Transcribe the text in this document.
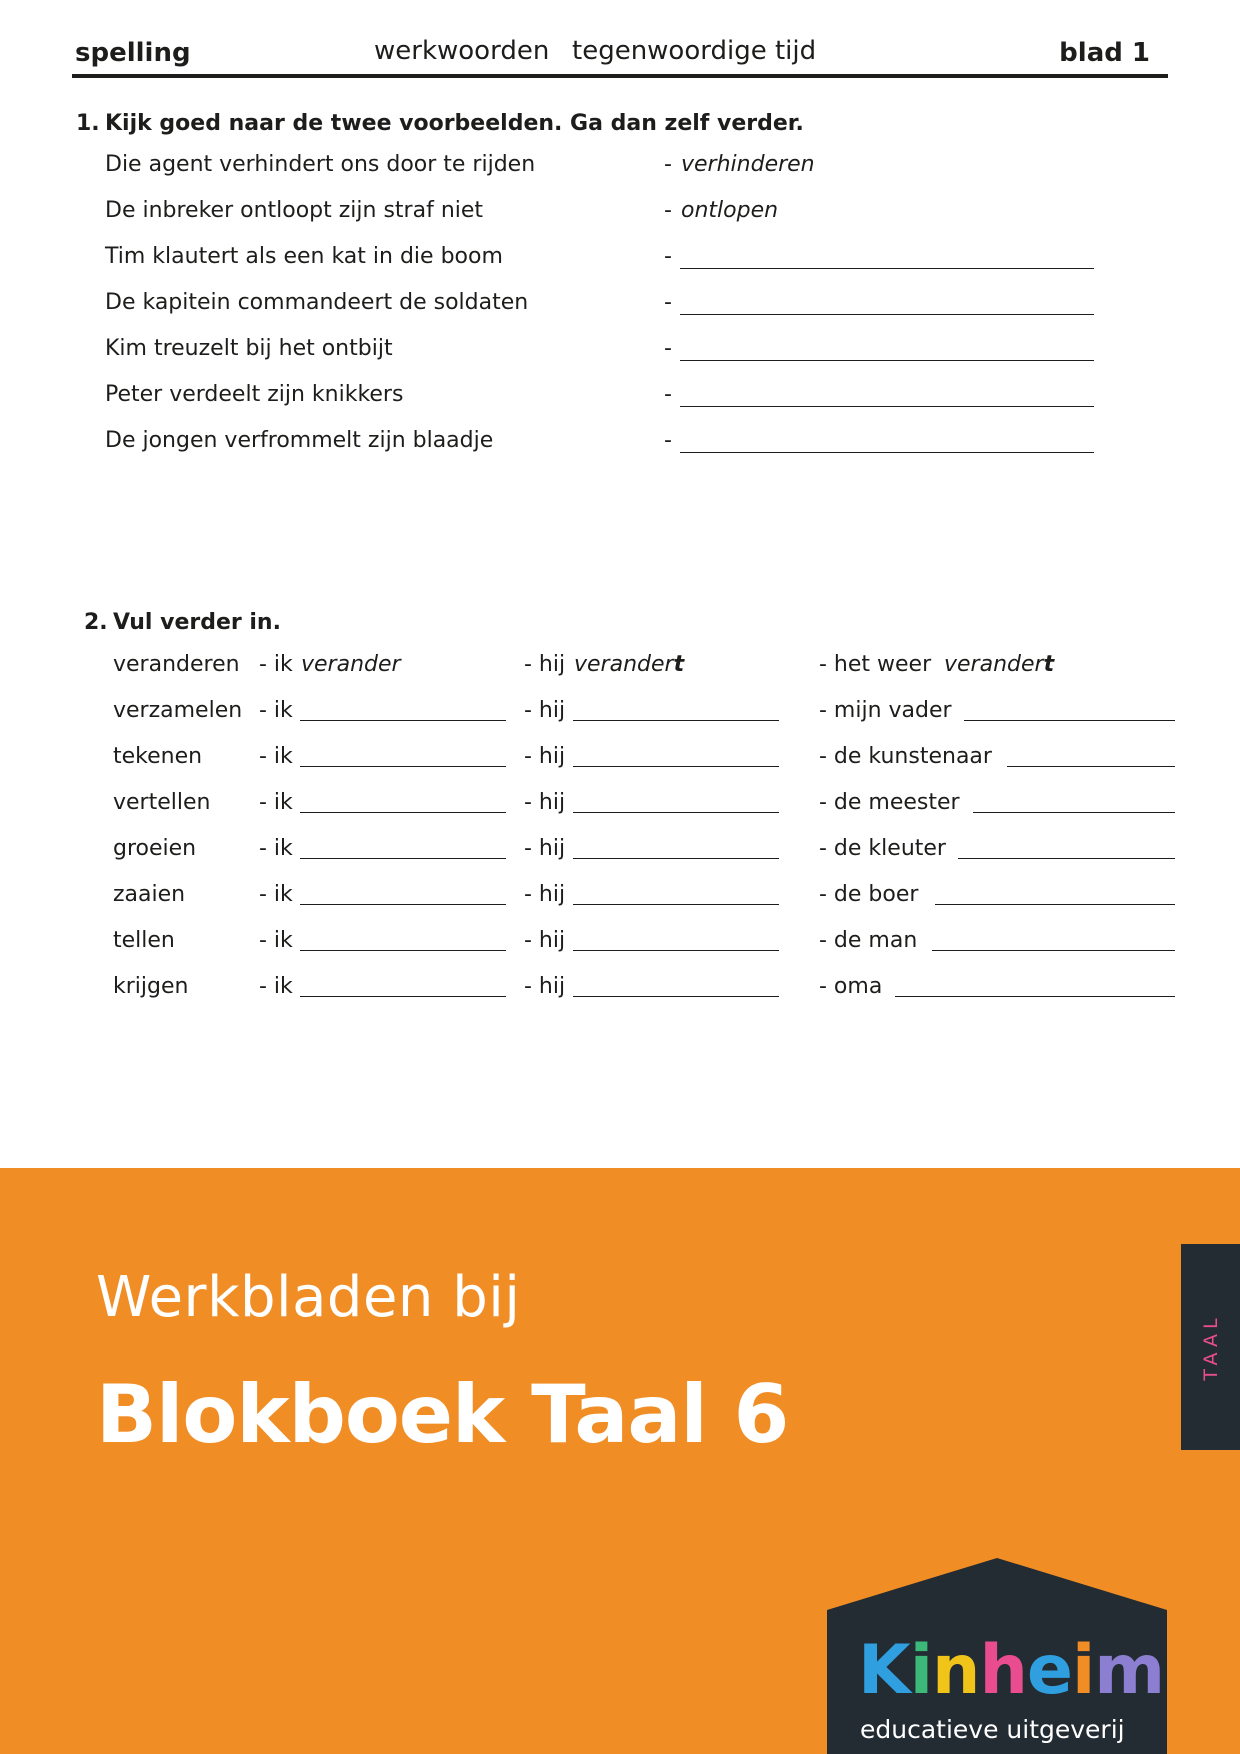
spelling	werkwoorden tegenwoordige tijd	blad 1
1. Kijk goed naar de twee voorbeelden. Ga dan zelf verder.
Die agent verhindert ons door te rijden	- verhinderen
De inbreker ontloopt zijn straf niet	- ontlopen
Tim klautert als een kat in die boom	-
De kapitein commandeert de soldaten	-
Kim treuzelt bij het ontbijt	-
Peter verdeelt zijn knikkers	-
De jongen verfrommelt zijn blaadje	-
2. Vul verder in.
veranderen - ik verander	- hij verandert	- het weer verandert
verzamelen - ik	- hij	- mijn vader
tekenen	- ik	- hij	- de kunstenaar
vertellen - ik	- hij	- de meester
groeien	- ik	- hij	- de kleuter
zaaien	- ik	- hij	- de boer
tellen	- ik	- hij	- de man
krijgen	- ik	- hij	- oma
Werkbladen bij
Blokboek Taal 6
TAAL
Kinheim
educatieve uitgeverij
